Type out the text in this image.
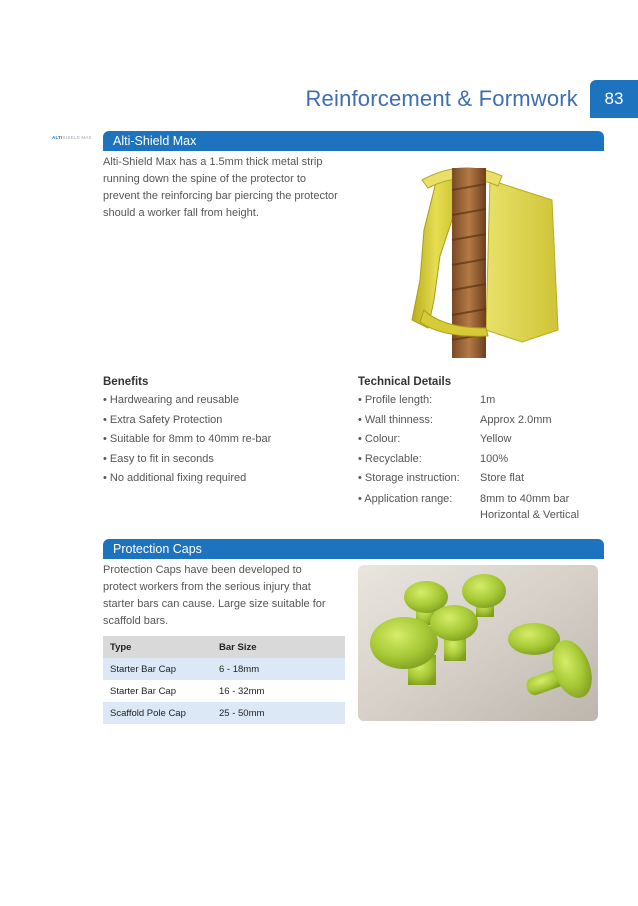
Reinforcement & Formwork	83
ALTISHIELD MAX Alti-Shield Max
Alti-Shield Max has a 1.5mm thick metal strip running down the spine of the protector to prevent the reinforcing bar piercing the protector should a worker fall from height.
Benefits
• Hardwearing and reusable
• Extra Safety Protection
• Suitable for 8mm to 40mm re-bar
• Easy to fit in seconds
• No additional fixing required
Technical Details
• Profile length:	1m
• Wall thinness:	Approx 2.0mm
• Colour:	Yellow
• Recyclable:	100%
• Storage instruction: Store flat
• Application range:	8mm to 40mm bar
Horizontal & Vertical
Protection Caps
Protection Caps have been developed to protect workers from the serious injury that starter bars can cause. Large size suitable for scaffold bars.
Type	Bar Size
Starter Bar Cap	6 - 18mm
Starter Bar Cap	16 - 32mm
Scaffold Pole Cap	25 - 50mm
